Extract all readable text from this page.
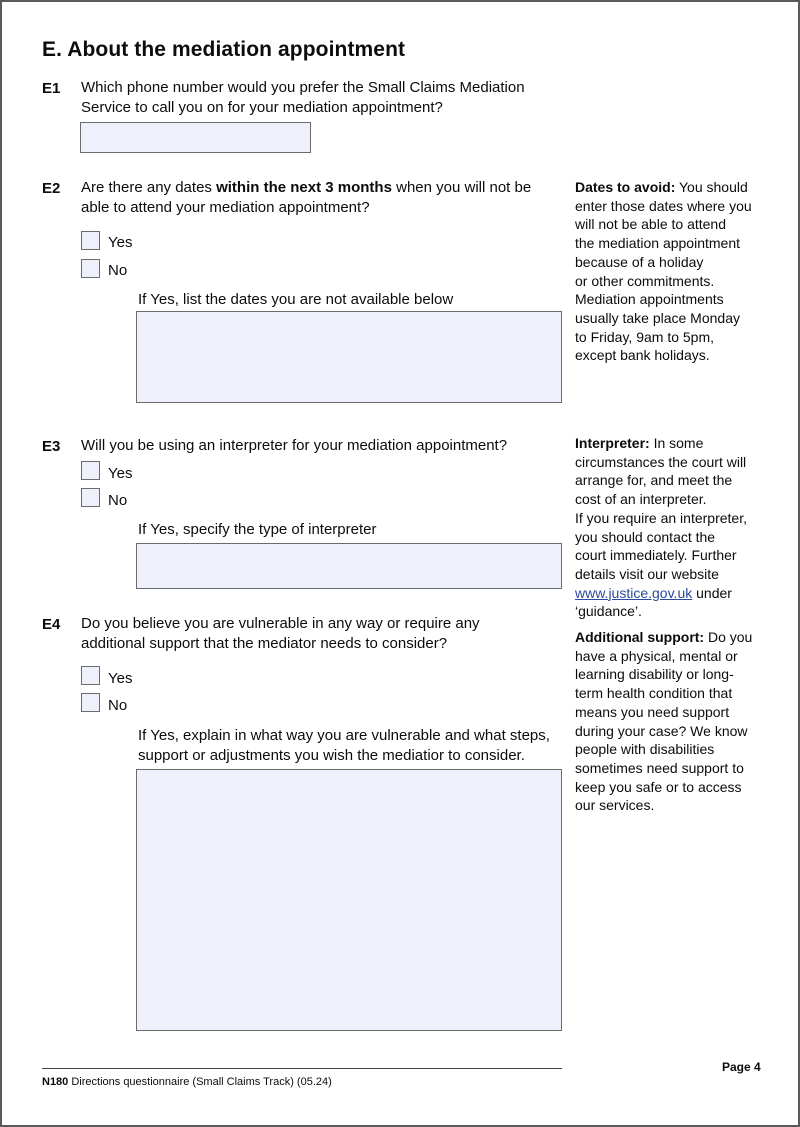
E. About the mediation appointment
E1 Which phone number would you prefer the Small Claims Mediation
Service to call you on for your mediation appointment?
E2 Are there any dates within the next 3 months when you will not be
able to attend your mediation appointment?
Yes
No
If Yes, list the dates you are not available below
E3 Will you be using an interpreter for your mediation appointment?
Yes
No
If Yes, specify the type of interpreter
E4 Do you believe you are vulnerable in any way or require any
additional support that the mediator needs to consider?
Yes
No
If Yes, explain in what way you are vulnerable and what steps,
support or adjustments you wish the mediatior to consider.
Dates to avoid: You should
enter those dates where you
will not be able to attend
the mediation appointment
because of a holiday
or other commitments.
Mediation appointments
usually take place Monday
to Friday, 9am to 5pm,
except bank holidays.
Interpreter: In some
circumstances the court will
arrange for, and meet the
cost of an interpreter.
If you require an interpreter,
you should contact the
court immediately. Further
details visit our website
www.justice.gov.uk under
‘guidance’.
Additional support: Do you
have a physical, mental or
learning disability or long-
term health condition that
means you need support
during your case? We know
people with disabilities
sometimes need support to
keep you safe or to access
our services.
Page 4
N180 Directions questionnaire (Small Claims Track) (05.24)
